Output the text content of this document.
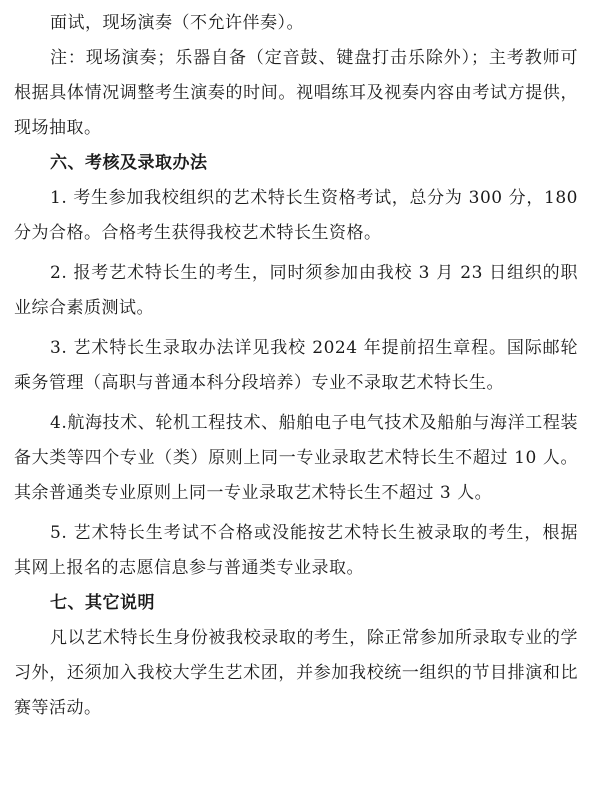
面试，现场演奏（不允许伴奏）。

注：现场演奏；乐器自备（定音鼓、键盘打击乐除外）；主考教师可根据具体情况调整考生演奏的时间。视唱练耳及视奏内容由考试方提供，现场抽取。

六、考核及录取办法

1. 考生参加我校组织的艺术特长生资格考试，总分为 300 分，180 分为合格。合格考生获得我校艺术特长生资格。

2. 报考艺术特长生的考生，同时须参加由我校 3 月 23 日组织的职业综合素质测试。

3. 艺术特长生录取办法详见我校 2024 年提前招生章程。国际邮轮乘务管理（高职与普通本科分段培养）专业不录取艺术特长生。

4.航海技术、轮机工程技术、船舶电子电气技术及船舶与海洋工程装备大类等四个专业（类）原则上同一专业录取艺术特长生不超过 10 人。其余普通类专业原则上同一专业录取艺术特长生不超过 3 人。

5. 艺术特长生考试不合格或没能按艺术特长生被录取的考生，根据其网上报名的志愿信息参与普通类专业录取。

七、其它说明

凡以艺术特长生身份被我校录取的考生，除正常参加所录取专业的学习外，还须加入我校大学生艺术团，并参加我校统一组织的节目排演和比赛等活动。
